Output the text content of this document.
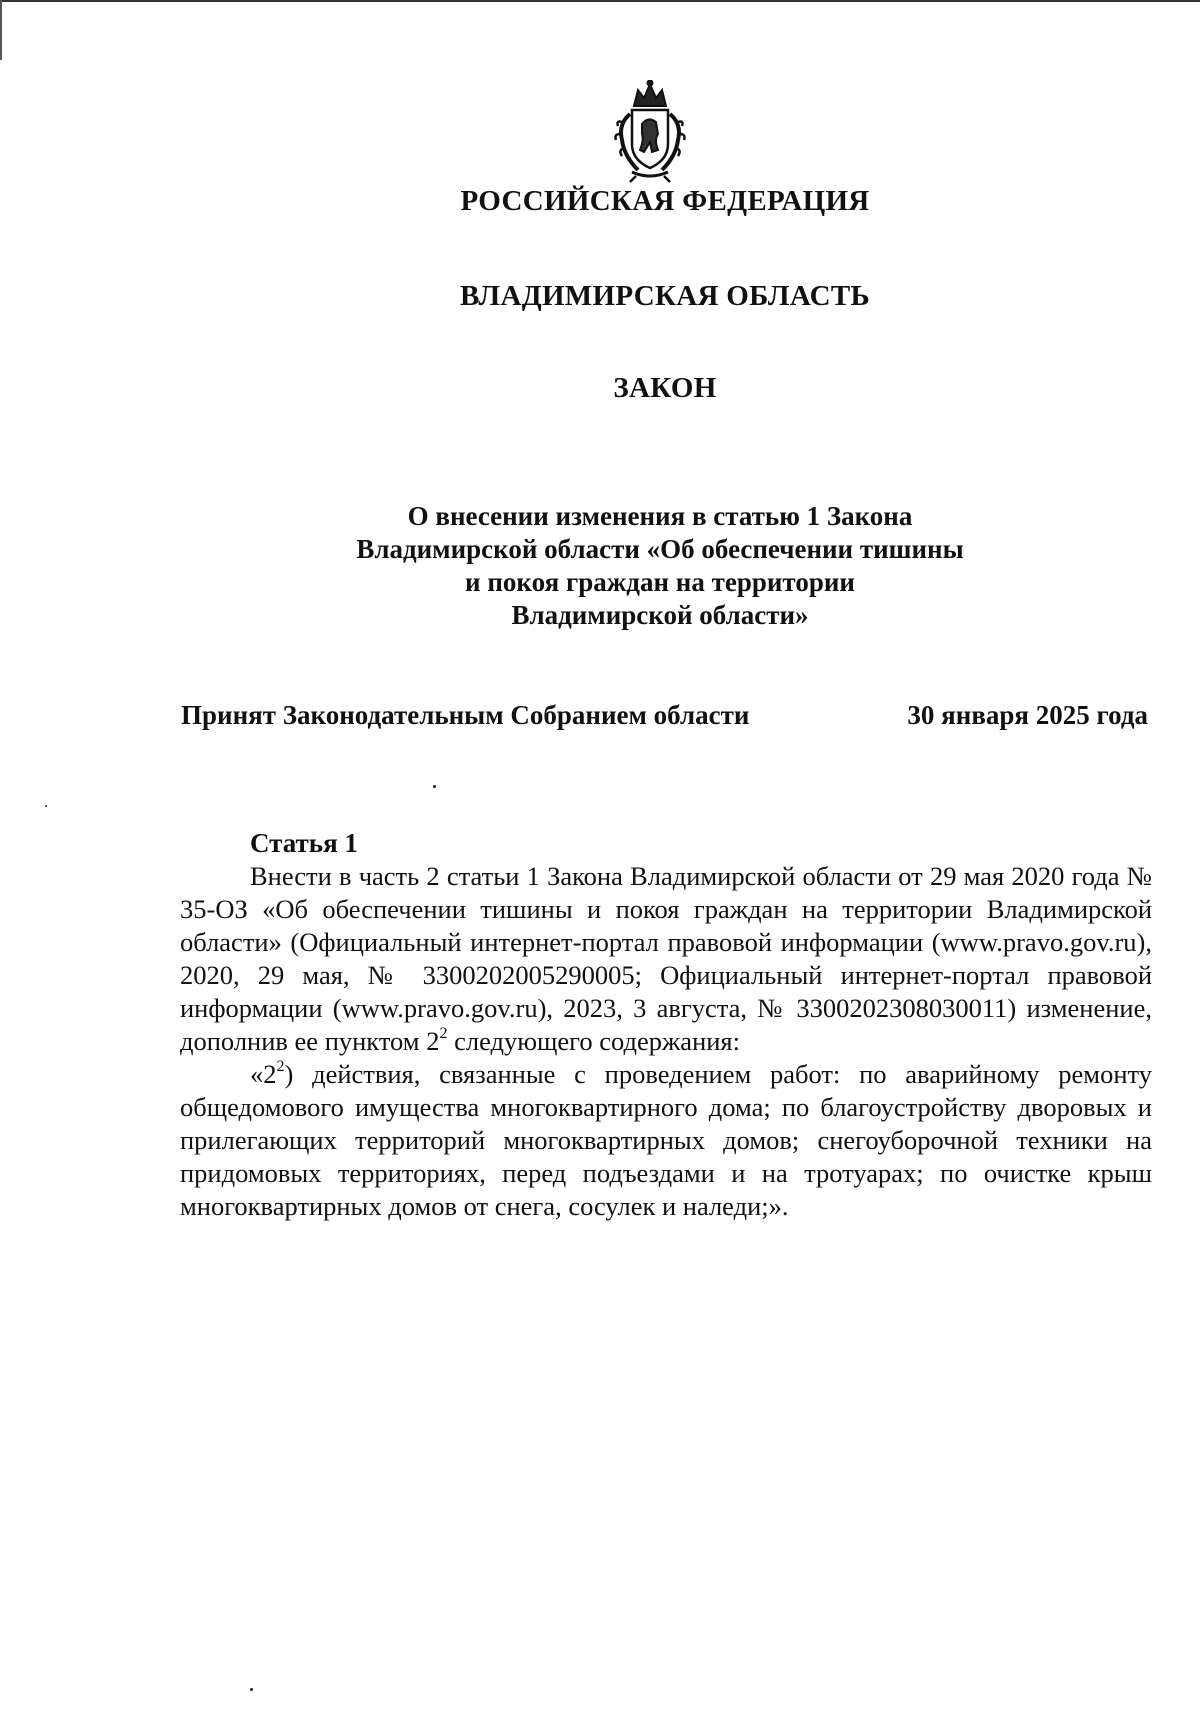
РОССИЙСКАЯ ФЕДЕРАЦИЯ
ВЛАДИМИРСКАЯ ОБЛАСТЬ
ЗАКОН
О внесении изменения в статью 1 Закона
Владимирской области «Об обеспечении тишины
и покоя граждан на территории
Владимирской области»
Принят Законодательным Собранием области	30 января 2025 года
Статья 1

Внести в часть 2 статьи 1 Закона Владимирской области от 29 мая 2020 года № 35-ОЗ «Об обеспечении тишины и покоя граждан на территории Владимирской области» (Официальный интернет-портал правовой информации (www.pravo.gov.ru), 2020, 29 мая, № 3300202005290005; Официальный интернет-портал правовой информации (www.pravo.gov.ru), 2023, 3 августа, № 3300202308030011) изменение, дополнив ее пунктом $2^2$ следующего содержания:

«$2^2$) действия, связанные с проведением работ: по аварийному ремонту общедомового имущества многоквартирного дома; по благоустройству дворовых и прилегающих территорий многоквартирных домов; снегоуборочной техники на придомовых территориях, перед подъездами и на тротуарах; по очистке крыш многоквартирных домов от снега, сосулек и наледи;».
